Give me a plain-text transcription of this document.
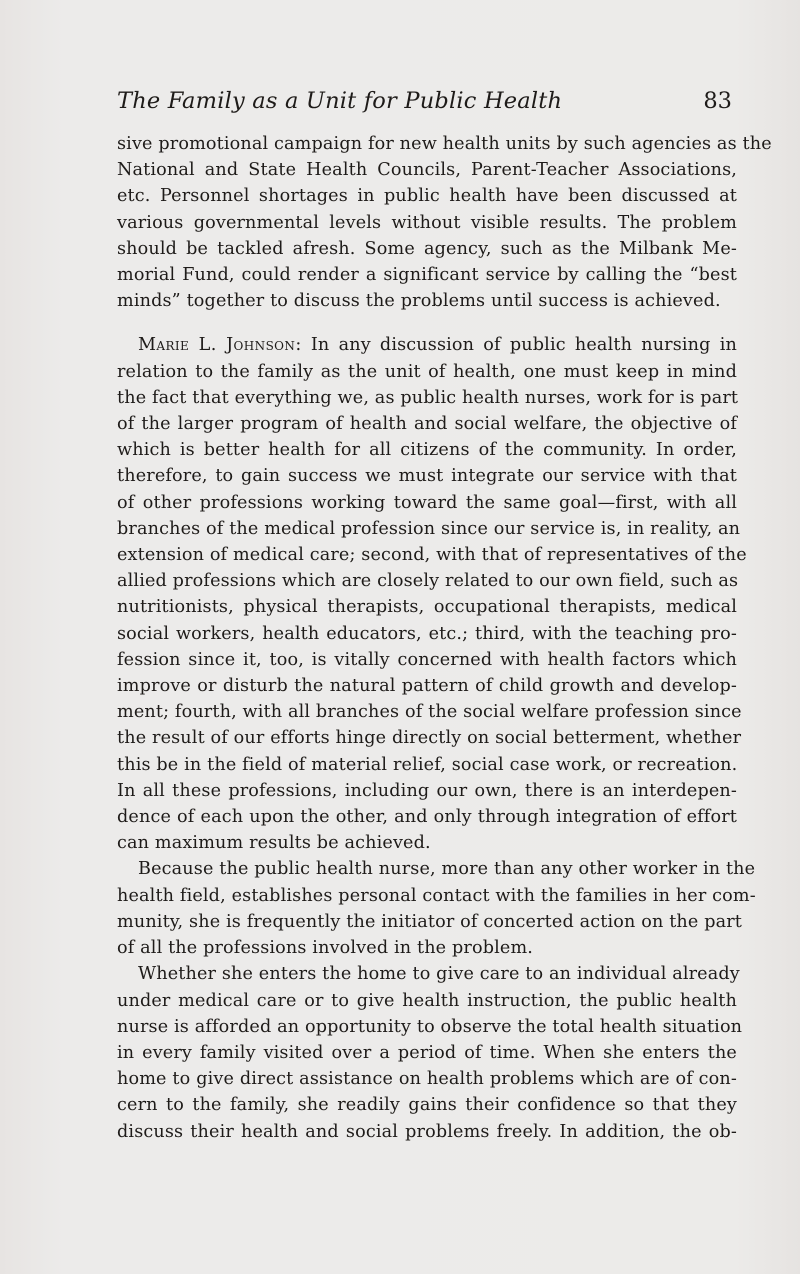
The Family as a Unit for Public Health	83
sive promotional campaign for new health units by such agencies as the
National and State Health Councils, Parent-Teacher Associations,
etc. Personnel shortages in public health have been discussed at
various governmental levels without visible results. The problem
should be tackled afresh. Some agency, such as the Milbank Me-
morial Fund, could render a significant service by calling the “best
minds” together to discuss the problems until success is achieved.
Marie L. Johnson: In any discussion of public health nursing in
relation to the family as the unit of health, one must keep in mind
the fact that everything we, as public health nurses, work for is part
of the larger program of health and social welfare, the objective of
which is better health for all citizens of the community. In order,
therefore, to gain success we must integrate our service with that
of other professions working toward the same goal—first, with all
branches of the medical profession since our service is, in reality, an
extension of medical care; second, with that of representatives of the
allied professions which are closely related to our own field, such as
nutritionists, physical therapists, occupational therapists, medical
social workers, health educators, etc.; third, with the teaching pro-
fession since it, too, is vitally concerned with health factors which
improve or disturb the natural pattern of child growth and develop-
ment; fourth, with all branches of the social welfare profession since
the result of our efforts hinge directly on social betterment, whether
this be in the field of material relief, social case work, or recreation.
In all these professions, including our own, there is an interdepen-
dence of each upon the other, and only through integration of effort
can maximum results be achieved.
Because the public health nurse, more than any other worker in the
health field, establishes personal contact with the families in her com-
munity, she is frequently the initiator of concerted action on the part
of all the professions involved in the problem.
Whether she enters the home to give care to an individual already
under medical care or to give health instruction, the public health
nurse is afforded an opportunity to observe the total health situation
in every family visited over a period of time. When she enters the
home to give direct assistance on health problems which are of con-
cern to the family, she readily gains their confidence so that they
discuss their health and social problems freely. In addition, the ob-
